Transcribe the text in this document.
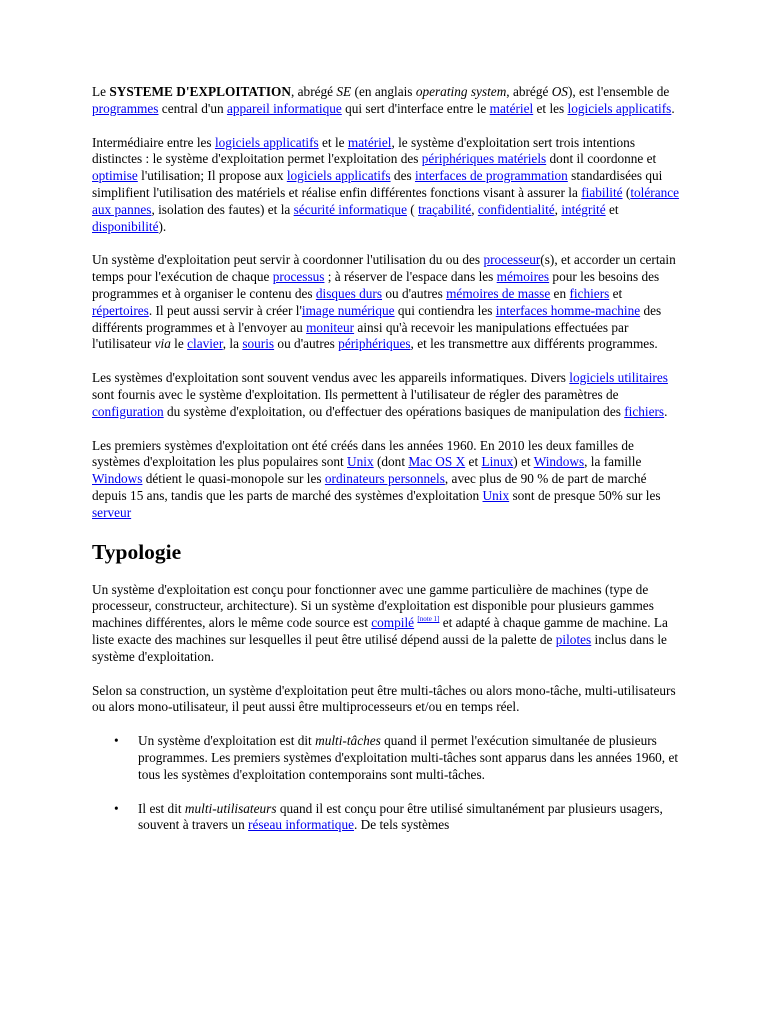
Le SYSTEME D'EXPLOITATION, abrégé SE (en anglais operating system, abrégé OS), est l'ensemble de programmes central d'un appareil informatique qui sert d'interface entre le matériel et les logiciels applicatifs.

Intermédiaire entre les logiciels applicatifs et le matériel, le système d'exploitation sert trois intentions distinctes : le système d'exploitation permet l'exploitation des périphériques matériels dont il coordonne et optimise l'utilisation; Il propose aux logiciels applicatifs des interfaces de programmation standardisées qui simplifient l'utilisation des matériels et réalise enfin différentes fonctions visant à assurer la fiabilité (tolérance aux pannes, isolation des fautes) et la sécurité informatique ( traçabilité, confidentialité, intégrité et disponibilité).

Un système d'exploitation peut servir à coordonner l'utilisation du ou des processeur(s), et accorder un certain temps pour l'exécution de chaque processus ; à réserver de l'espace dans les mémoires pour les besoins des programmes et à organiser le contenu des disques durs ou d'autres mémoires de masse en fichiers et répertoires. Il peut aussi servir à créer l'image numérique qui contiendra les interfaces homme-machine des différents programmes et à l'envoyer au moniteur ainsi qu'à recevoir les manipulations effectuées par l'utilisateur via le clavier, la souris ou d'autres périphériques, et les transmettre aux différents programmes.

Les systèmes d'exploitation sont souvent vendus avec les appareils informatiques. Divers logiciels utilitaires sont fournis avec le système d'exploitation. Ils permettent à l'utilisateur de régler des paramètres de configuration du système d'exploitation, ou d'effectuer des opérations basiques de manipulation des fichiers.

Les premiers systèmes d'exploitation ont été créés dans les années 1960. En 2010 les deux familles de systèmes d'exploitation les plus populaires sont Unix (dont Mac OS X et Linux) et Windows, la famille Windows détient le quasi-monopole sur les ordinateurs personnels, avec plus de 90 % de part de marché depuis 15 ans, tandis que les parts de marché des systèmes d'exploitation Unix sont de presque 50% sur les serveur

Typologie

Un système d'exploitation est conçu pour fonctionner avec une gamme particulière de machines (type de processeur, constructeur, architecture). Si un système d'exploitation est disponible pour plusieurs gammes machines différentes, alors le même code source est compilé [note 1] et adapté à chaque gamme de machine. La liste exacte des machines sur lesquelles il peut être utilisé dépend aussi de la palette de pilotes inclus dans le système d'exploitation.

Selon sa construction, un système d'exploitation peut être multi-tâches ou alors mono-tâche, multi-utilisateurs ou alors mono-utilisateur, il peut aussi être multiprocesseurs et/ou en temps réel.

• Un système d'exploitation est dit multi-tâches quand il permet l'exécution simultanée de plusieurs programmes. Les premiers systèmes d'exploitation multi-tâches sont apparus dans les années 1960, et tous les systèmes d'exploitation contemporains sont multi-tâches.
• Il est dit multi-utilisateurs quand il est conçu pour être utilisé simultanément par plusieurs usagers, souvent à travers un réseau informatique. De tels systèmes
